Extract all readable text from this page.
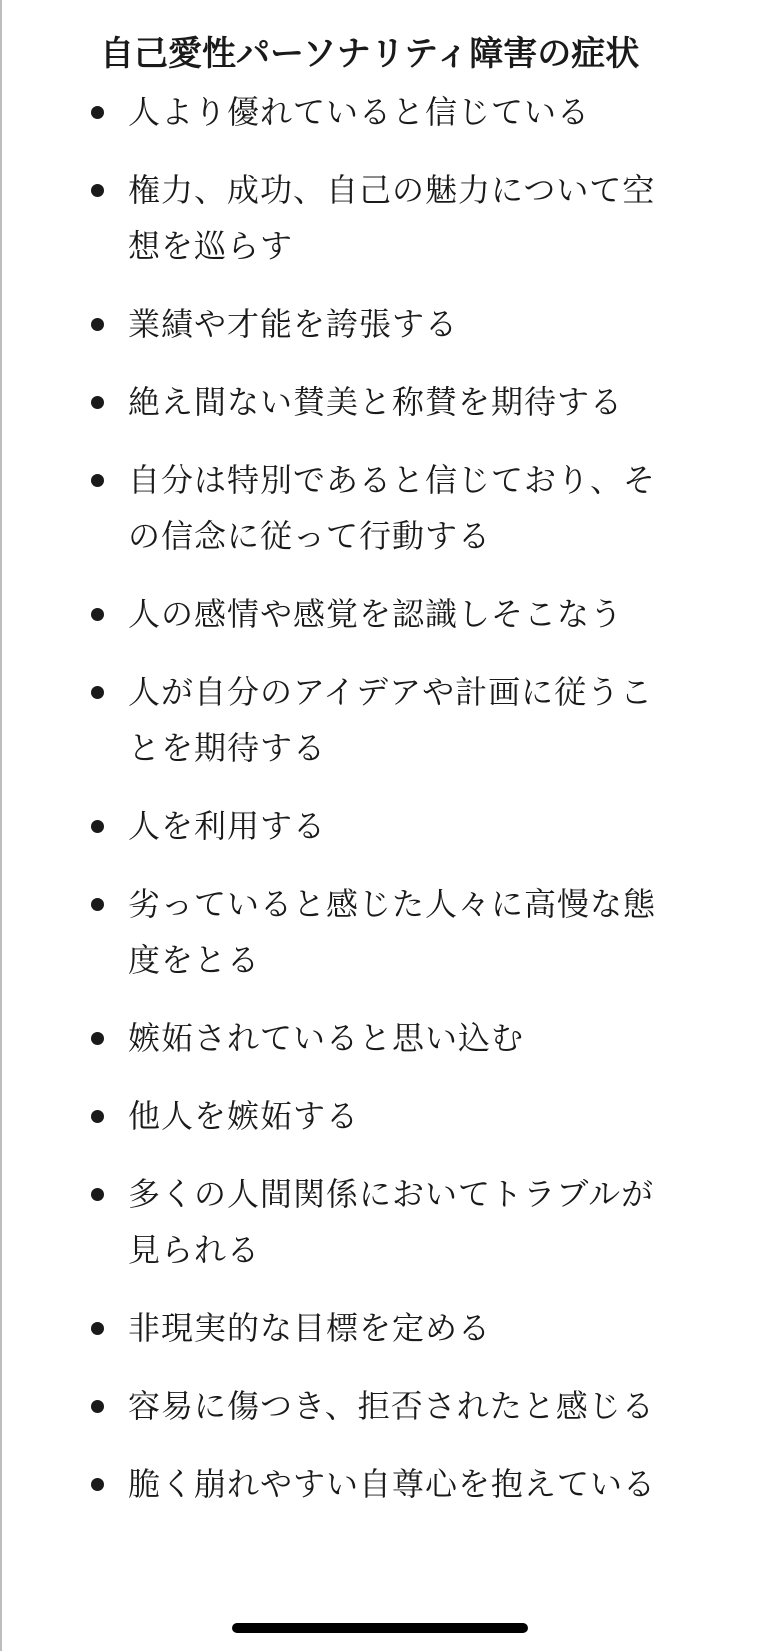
自己愛性パーソナリティ障害の症状
人より優れていると信じている
権力、成功、自己の魅力について空想を巡らす
業績や才能を誇張する
絶え間ない賛美と称賛を期待する
自分は特別であると信じており、その信念に従って行動する
人の感情や感覚を認識しそこなう
人が自分のアイデアや計画に従うことを期待する
人を利用する
劣っていると感じた人々に高慢な態度をとる
嫉妬されていると思い込む
他人を嫉妬する
多くの人間関係においてトラブルが見られる
非現実的な目標を定める
容易に傷つき、拒否されたと感じる
脆く崩れやすい自尊心を抱えている
